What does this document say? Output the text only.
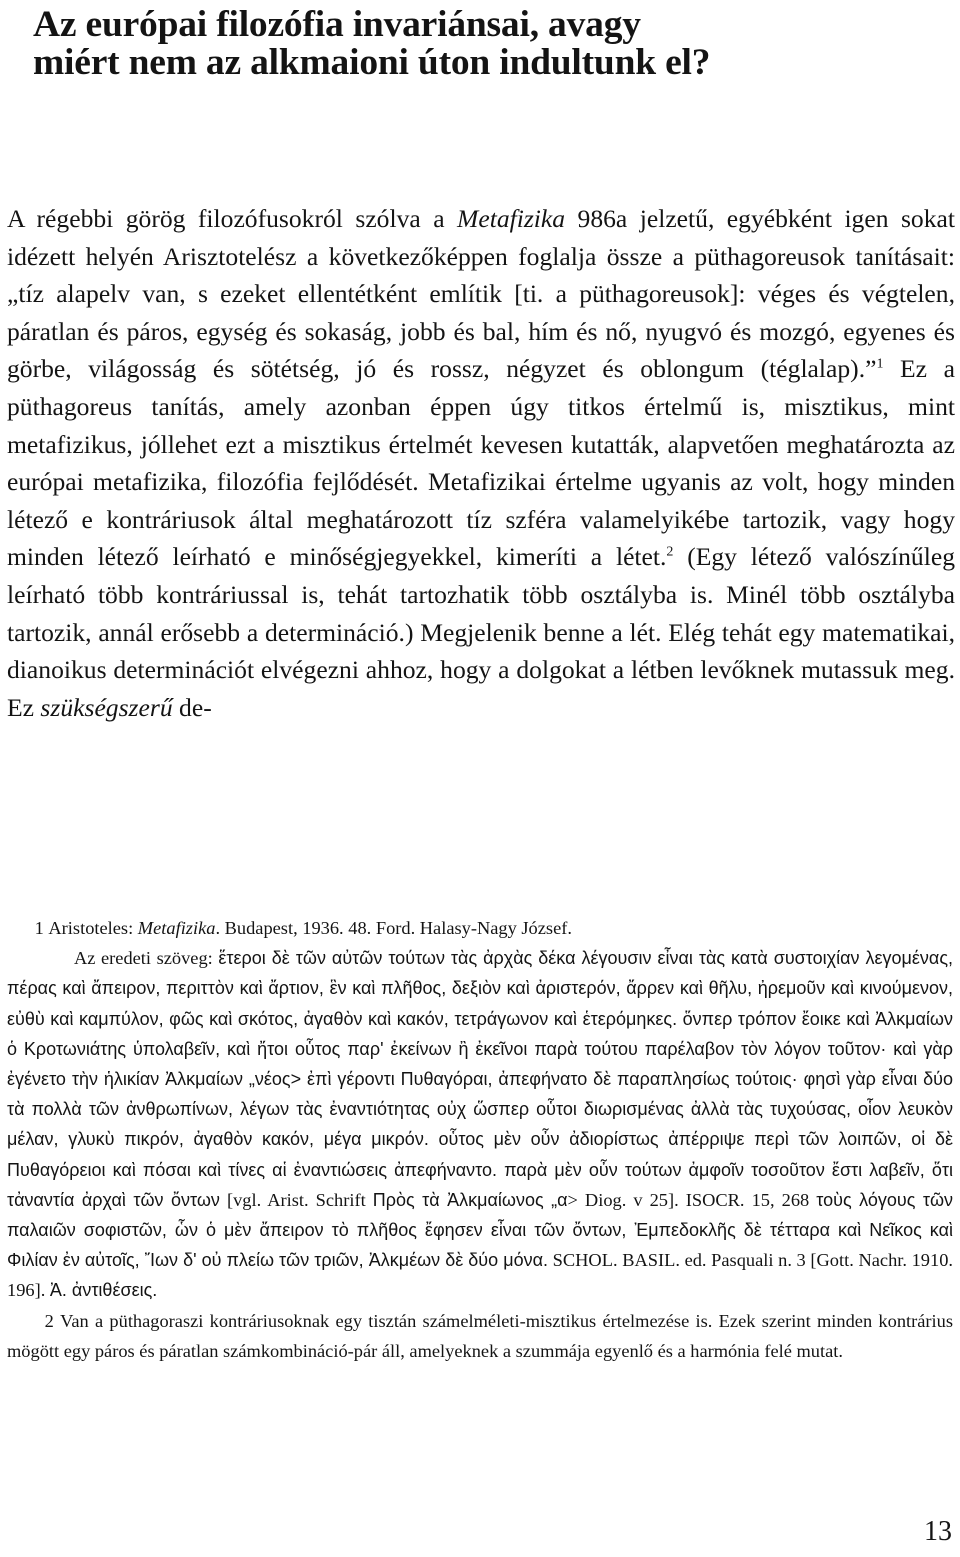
Az európai filozófia invariánsai, avagy
miért nem az alkmaioni úton indultunk el?

A régebbi görög filozófusokról szólva a Metafizika 986a jelzetű, egyébként igen sokat idézett helyén Arisztotelész a következőképpen foglalja össze a püthagoreusok tanításait: „tíz alapelv van, s ezeket ellentétként említik [ti. a püthagoreusok]: véges és végtelen, páratlan és páros, egység és sokaság, jobb és bal, hím és nő, nyugvó és mozgó, egyenes és görbe, világosság és sötétség, jó és rossz, négyzet és oblongum (téglalap).”$^1$ Ez a püthagoreus tanítás, amely azonban éppen úgy titkos értelmű is, misztikus, mint metafizikus, jóllehet ezt a misztikus értelmét kevesen kutatták, alapvetően meghatározta az európai metafizika, filozófia fejlődését. Metafizikai értelme ugyanis az volt, hogy minden létező e kontráriusok által meghatározott tíz szféra valamelyikébe tartozik, vagy hogy minden létező leírható e minőségjegyekkel, kimeríti a létet.$^2$ (Egy létező valószínűleg leírható több kontráriussal is, tehát tartozhatik több osztályba is. Minél több osztályba tartozik, annál erősebb a determináció.) Megjelenik benne a lét. Elég tehát egy matematikai, dianoikus determinációt elvégezni ahhoz, hogy a dolgokat a létben levőknek mutassuk meg. Ez szükségszerű de-

1 Aristoteles: Metafizika. Budapest, 1936. 48. Ford. Halasy-Nagy József.
Az eredeti szöveg: ἕτεροι δὲ τῶν αὐτῶν τούτων τὰς ἀρχὰς δέκα λέγουσιν εἶναι τὰς κατὰ συστοιχίαν λεγομένας, πέρας καὶ ἄπειρον, περιττὸν καὶ ἄρτιον, ἓν καὶ πλῆθος, δεξιὸν καὶ ἀριστερόν, ἄρρεν καὶ θῆλυ, ἠρεμοῦν καὶ κινούμενον, εὐθὺ καὶ καμπύλον, φῶς καὶ σκότος, ἀγαθὸν καὶ κακόν, τετράγωνον καὶ ἑτερόμηκες. ὅνπερ τρόπον ἔοικε καὶ Ἀλκμαίων ὁ Κροτωνιάτης ὑπολαβεῖν, καὶ ἤτοι οὗτος παρ' ἐκείνων ἢ ἐκεῖνοι παρὰ τούτου παρέλαβον τὸν λόγον τοῦτον· καὶ γὰρ ἐγένετο τὴν ἡλικίαν Ἀλκμαίων „νέος> ἐπὶ γέροντι Πυθαγόραι, ἀπεφήνατο δὲ παραπλησίως τούτοις· φησὶ γὰρ εἶναι δύο τὰ πολλὰ τῶν ἀνθρωπίνων, λέγων τὰς ἐναντιότητας οὐχ ὥσπερ οὗτοι διωρισμένας ἀλλὰ τὰς τυχούσας, οἷον λευκὸν μέλαν, γλυκὺ πικρόν, ἀγαθὸν κακόν, μέγα μικρόν. οὗτος μὲν οὖν ἀδιορίστως ἀπέρριψε περὶ τῶν λοιπῶν, οἱ δὲ Πυθαγόρειοι καὶ πόσαι καὶ τίνες αἱ ἐναντιώσεις ἀπεφήναντο. παρὰ μὲν οὖν τούτων ἀμφοῖν τοσοῦτον ἔστι λαβεῖν, ὅτι τἀναντία ἀρχαὶ τῶν ὄντων [vgl. Arist. Schrift Πρὸς τὰ Ἀλκμαίωνος „α> Diog. v 25]. ISOCR. 15, 268 τοὺς λόγους τῶν παλαιῶν σοφιστῶν, ὧν ὁ μὲν ἄπειρον τὸ πλῆθος ἔφησεν εἶναι τῶν ὄντων, Ἐμπεδοκλῆς δὲ τέτταρα καὶ Νεῖκος καὶ Φιλίαν ἐν αὐτοῖς, Ἴων δ' οὐ πλείω τῶν τριῶν, Ἀλκμέων δὲ δύο μόνα. SCHOL. BASIL. ed. Pasquali n. 3 [Gott. Nachr. 1910. 196]. Ἀ. ἀντιθέσεις.

2 Van a püthagoraszi kontráriusoknak egy tisztán számelméleti-misztikus értelmezése is. Ezek szerint minden kontrárius mögött egy páros és páratlan számkombináció-pár áll, amelyeknek a szummája egyenlő és a harmónia felé mutat.

13
